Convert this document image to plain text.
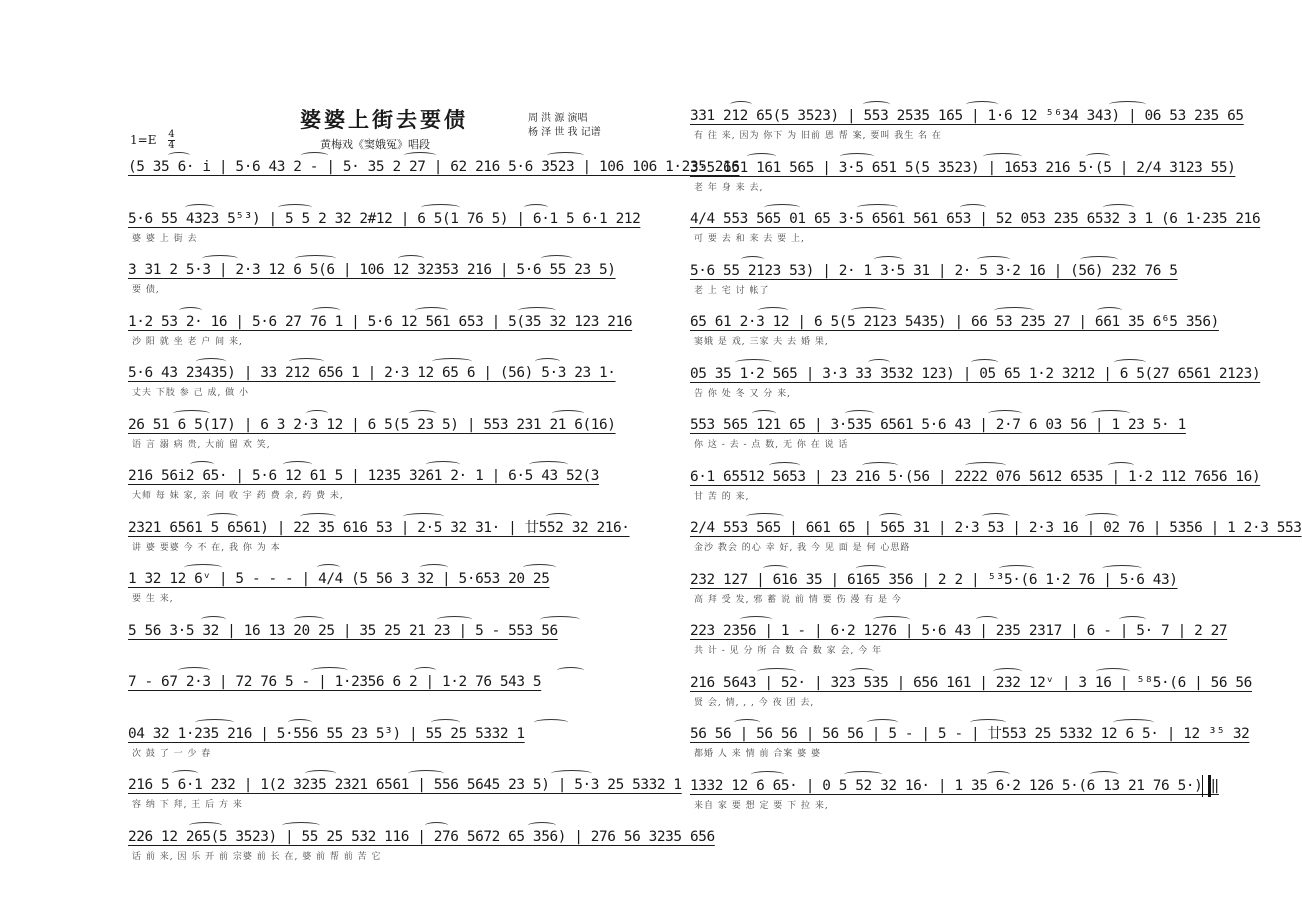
$1=E \frac{4}{4}$
婆婆上街去要债
黄梅戏《窦娥冤》唱段
周 洪 源 演唱
杨 泽 世 我 记谱
(5 35 6· i | 5·6 43 2 - | 5· 35 2 27 | 62 216 5·6 3523 | 106 106 1·235 216
5·6 55 4323 5⁵³) | 5 5 2 32 2#12 | 6 5(1 76 5) | 6·1 5 6·1 212
婆 婆 上 街 去
3 31 2 5·3 | 2·3 12 6 5(6 | 106 12 32353 216 | 5·6 55 23 5)
要 债,
1·2 53 2· 16 | 5·6 27 76 1 | 5·6 12 561 653 | 5(35 32 123 216
沙 阳 就 坐 老 户 间 来,
5·6 43 23435) | 33 212 656 1 | 2·3 12 65 6 | (56) 5·3 23 1·
丈夫 下肢 参 己 成, 做 小
26 51 6 5(17) | 6 3 2·3 12 | 6 5(5 23 5) | 553 231 21 6(16)
语 言 溺 病 贵, 大前 留 欢 笑,
216 56i2 65· | 5·6 12 61 5 | 1235 3261 2· 1 | 6·5 43 52(3
大师 每 妹 家, 亲 问 收 宇 药 费 余, 药 费 未,
2321 6561 5 6561) | 22 35 616 53 | 2·5 32 31· | 廿552 32 216·
讲 婆 要婆 今 不 在, 我 你 为 本
1 32 12 6ᵛ | 5 - - - | 4/4 (5 56 3 32 | 5·653 20 25
要 生 来,
5 56 3·5 32 | 16 13 20 25 | 35 25 21 23 | 5 - 553 56
7 - 67 2·3 | 72 76 5 - | 1·2356 6 2 | 1·2 76 543 5
04 32 1·235 216 | 5·556 55 23 5³) | 55 25 5332 1
次 鼓 了 一 少 春
216 5 6·1 232 | 1(2 3235 2321 6561 | 556 5645 23 5) | 5·3 25 5332 1
容 纳 下 拜, 王 后 方 来
226 12 265(5 3523) | 55 25 532 116 | 276 5672 65 356) | 276 56 3235 656
话 前 来, 因 乐 开 前 宗婆 前 长 在, 婆 前 帮 前 苦 它
331 212 65(5 3523) | 553 2535 165 | 1·6 12 ⁵⁶34 343) | 06 53 235 65
有 往 来, 因为 你下 为 旧前 恩 帮 案, 要叫 我生 名 在
3·5 651 161 565 | 3·5 651 5(5 3523) | 1653 216 5·(5 | 2/4 3123 55)
老 年 身 来 去,
4/4 553 565 01 65 3·5 6561 561 653 | 52 053 235 6532 3 1 (6 1·235 216
可 要 去 和 来 去 要 上,
5·6 55 2123 53) | 2· 1 3·5 31 | 2· 5 3·2 16 | (56) 232 76 5
老 上 宅 讨 帐了
65 61 2·3 12 | 6 5(5 2123 5435) | 66 53 235 27 | 661 35 6⁶5 356)
窦娥 是 戏, 三家 夫 去 婚 果,
05 35 1·2 565 | 3·3 33 3532 123) | 05 65 1·2 3212 | 6 5(27 6561 2123)
告 你 处 冬 又 分 来,
553 565 121 65 | 3·535 6561 5·6 43 | 2·7 6 03 56 | 1 23 5· 1
你 这 - 去 - 点 数, 无 你 在 说 话
6·1 65512 5653 | 23 216 5·(56 | 2222 076 5612 6535 | 1·2 112 7656 16)
甘 苦 的 来,
2/4 553 565 | 661 65 | 565 31 | 2·3 53 | 2·3 16 | 02 76 | 5356 | 1 2·3 553
金沙 教会 的心 幸 好, 我 今 见 面 是 何 心思路
232 127 | 616 35 | 6165 356 | 2 2 | ⁵³5·(6 1·2 76 | 5·6 43)
高 拜 受 发, 邪 蓄 说 前 情 要 伤 漫 有 是 今
223 2356 | 1 - | 6·2 1276 | 5·6 43 | 235 2317 | 6 - | 5· 7 | 2 27
共 计 - 见 分 所 合 数 合 数 家 会, 今 年
216 5643 | 52· | 323 535 | 656 161 | 232 12ᵛ | 3 16 | ⁵⁸5·(6 | 56 56
贤 会, 情, , , 今 夜 团 去,
56 56 | 56 56 | 56 56 | 5 - | 5 - | 廿553 25 5332 12 6 5· | 12 ³⁵ 32
都婚 人 来 情 前 合案 婆 婆
1332 12 6 65· | 0 5 52 32 16· | 1 35 6·2 126 5·(6 13 21 76 5·) ‖
来自 家 要 想 定 要 下 拉 来,
